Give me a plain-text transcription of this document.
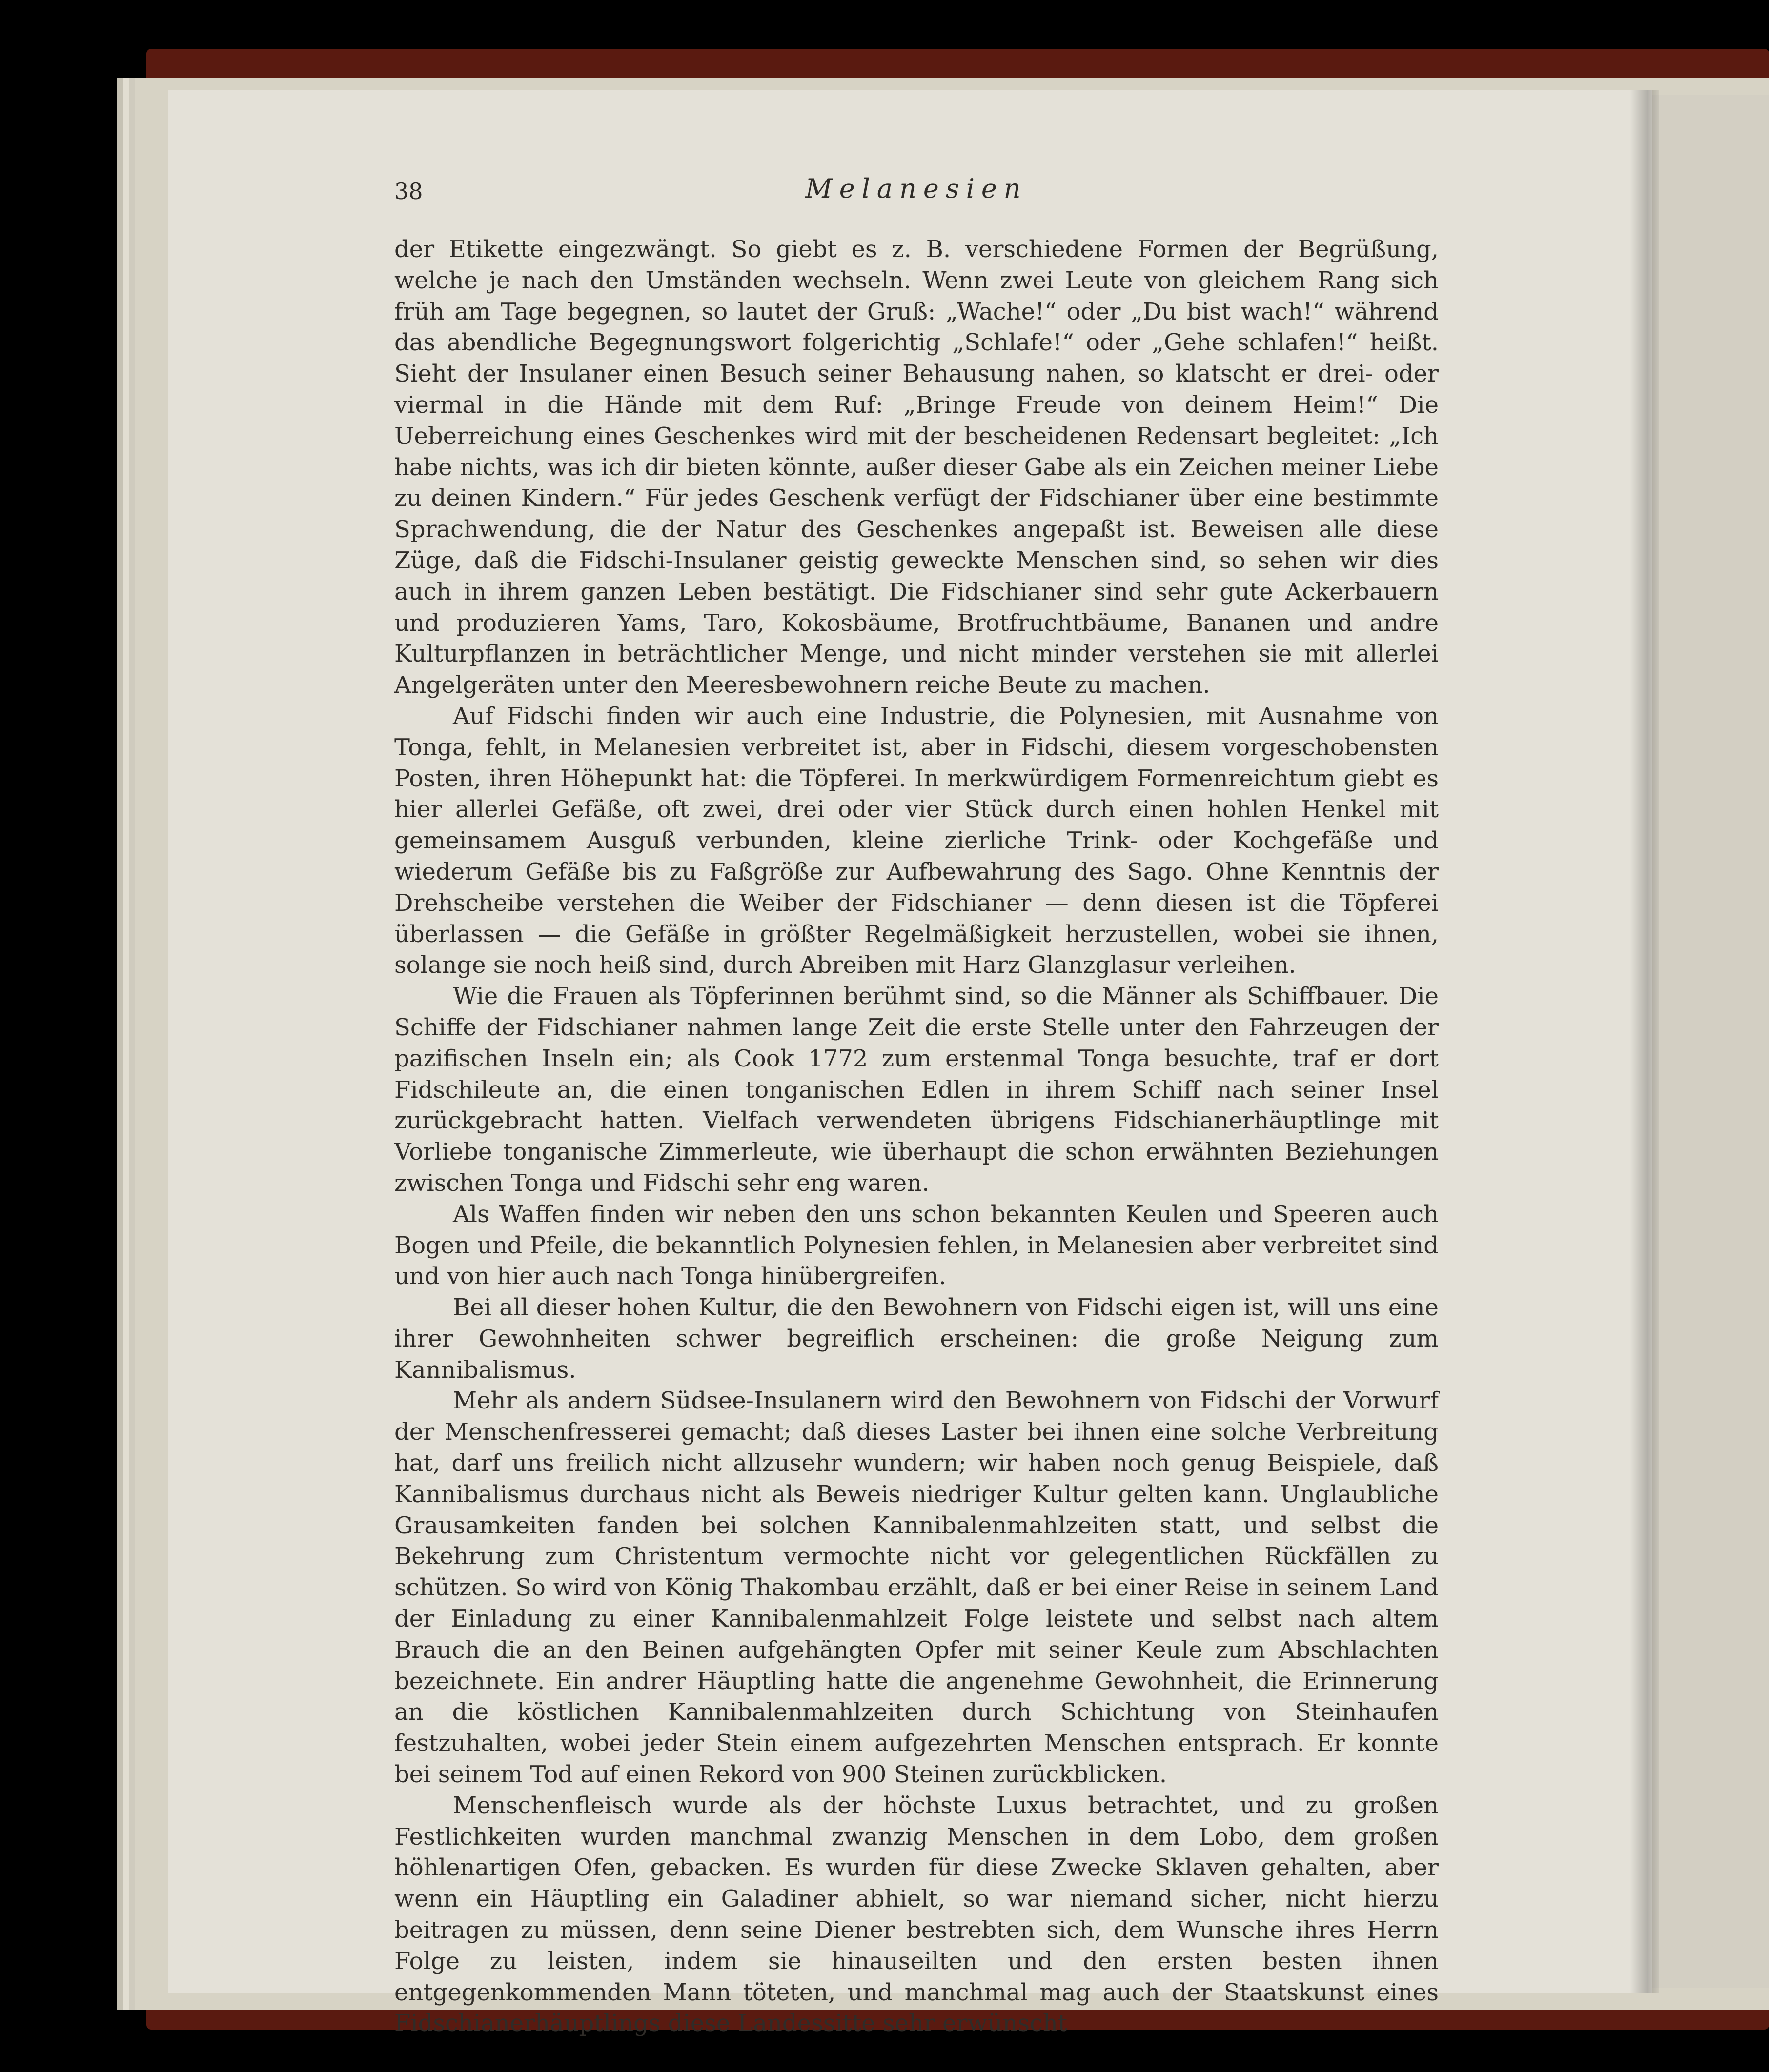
38	Melanesien

der Etikette eingezwängt. So giebt es z. B. verschiedene Formen der Begrüßung, welche je nach den Umständen wechseln. Wenn zwei Leute von gleichem Rang sich früh am Tage begegnen, so lautet der Gruß: „Wache!“ oder „Du bist wach!“ während das abendliche Begegnungswort folgerichtig „Schlafe!“ oder „Gehe schlafen!“ heißt. Sieht der Insulaner einen Besuch seiner Behausung nahen, so klatscht er drei- oder viermal in die Hände mit dem Ruf: „Bringe Freude von deinem Heim!“ Die Ueberreichung eines Geschenkes wird mit der bescheidenen Redensart begleitet: „Ich habe nichts, was ich dir bieten könnte, außer dieser Gabe als ein Zeichen meiner Liebe zu deinen Kindern.“ Für jedes Geschenk verfügt der Fidschianer über eine bestimmte Sprachwendung, die der Natur des Geschenkes angepaßt ist. Beweisen alle diese Züge, daß die Fidschi-Insulaner geistig geweckte Menschen sind, so sehen wir dies auch in ihrem ganzen Leben bestätigt. Die Fidschianer sind sehr gute Ackerbauern und produzieren Yams, Taro, Kokosbäume, Brotfruchtbäume, Bananen und andre Kulturpflanzen in beträchtlicher Menge, und nicht minder verstehen sie mit allerlei Angelgeräten unter den Meeresbewohnern reiche Beute zu machen.

Auf Fidschi finden wir auch eine Industrie, die Polynesien, mit Ausnahme von Tonga, fehlt, in Melanesien verbreitet ist, aber in Fidschi, diesem vorgeschobensten Posten, ihren Höhepunkt hat: die Töpferei. In merkwürdigem Formenreichtum giebt es hier allerlei Gefäße, oft zwei, drei oder vier Stück durch einen hohlen Henkel mit gemeinsamem Ausguß verbunden, kleine zierliche Trink- oder Kochgefäße und wiederum Gefäße bis zu Faßgröße zur Aufbewahrung des Sago. Ohne Kenntnis der Drehscheibe verstehen die Weiber der Fidschianer — denn diesen ist die Töpferei überlassen — die Gefäße in größter Regelmäßigkeit herzustellen, wobei sie ihnen, solange sie noch heiß sind, durch Abreiben mit Harz Glanzglasur verleihen.

Wie die Frauen als Töpferinnen berühmt sind, so die Männer als Schiffbauer. Die Schiffe der Fidschianer nahmen lange Zeit die erste Stelle unter den Fahrzeugen der pazifischen Inseln ein; als Cook 1772 zum erstenmal Tonga besuchte, traf er dort Fidschileute an, die einen tonganischen Edlen in ihrem Schiff nach seiner Insel zurückgebracht hatten. Vielfach verwendeten übrigens Fidschianerhäuptlinge mit Vorliebe tonganische Zimmerleute, wie überhaupt die schon erwähnten Beziehungen zwischen Tonga und Fidschi sehr eng waren.

Als Waffen finden wir neben den uns schon bekannten Keulen und Speeren auch Bogen und Pfeile, die bekanntlich Polynesien fehlen, in Melanesien aber verbreitet sind und von hier auch nach Tonga hinübergreifen.

Bei all dieser hohen Kultur, die den Bewohnern von Fidschi eigen ist, will uns eine ihrer Gewohnheiten schwer begreiflich erscheinen: die große Neigung zum Kannibalismus.

Mehr als andern Südsee-Insulanern wird den Bewohnern von Fidschi der Vorwurf der Menschenfresserei gemacht; daß dieses Laster bei ihnen eine solche Verbreitung hat, darf uns freilich nicht allzusehr wundern; wir haben noch genug Beispiele, daß Kannibalismus durchaus nicht als Beweis niedriger Kultur gelten kann. Unglaubliche Grausamkeiten fanden bei solchen Kannibalenmahlzeiten statt, und selbst die Bekehrung zum Christentum vermochte nicht vor gelegentlichen Rückfällen zu schützen. So wird von König Thakombau erzählt, daß er bei einer Reise in seinem Land der Einladung zu einer Kannibalenmahlzeit Folge leistete und selbst nach altem Brauch die an den Beinen aufgehängten Opfer mit seiner Keule zum Abschlachten bezeichnete. Ein andrer Häuptling hatte die angenehme Gewohnheit, die Erinnerung an die köstlichen Kannibalenmahlzeiten durch Schichtung von Steinhaufen festzuhalten, wobei jeder Stein einem aufgezehrten Menschen entsprach. Er konnte bei seinem Tod auf einen Rekord von 900 Steinen zurückblicken.

Menschenfleisch wurde als der höchste Luxus betrachtet, und zu großen Festlichkeiten wurden manchmal zwanzig Menschen in dem Lobo, dem großen höhlenartigen Ofen, gebacken. Es wurden für diese Zwecke Sklaven gehalten, aber wenn ein Häuptling ein Galadiner abhielt, so war niemand sicher, nicht hierzu beitragen zu müssen, denn seine Diener bestrebten sich, dem Wunsche ihres Herrn Folge zu leisten, indem sie hinauseilten und den ersten besten ihnen entgegenkommenden Mann töteten, und manchmal mag auch der Staatskunst eines Fidschianerhäuptlings diese Landessitte sehr erwünscht
